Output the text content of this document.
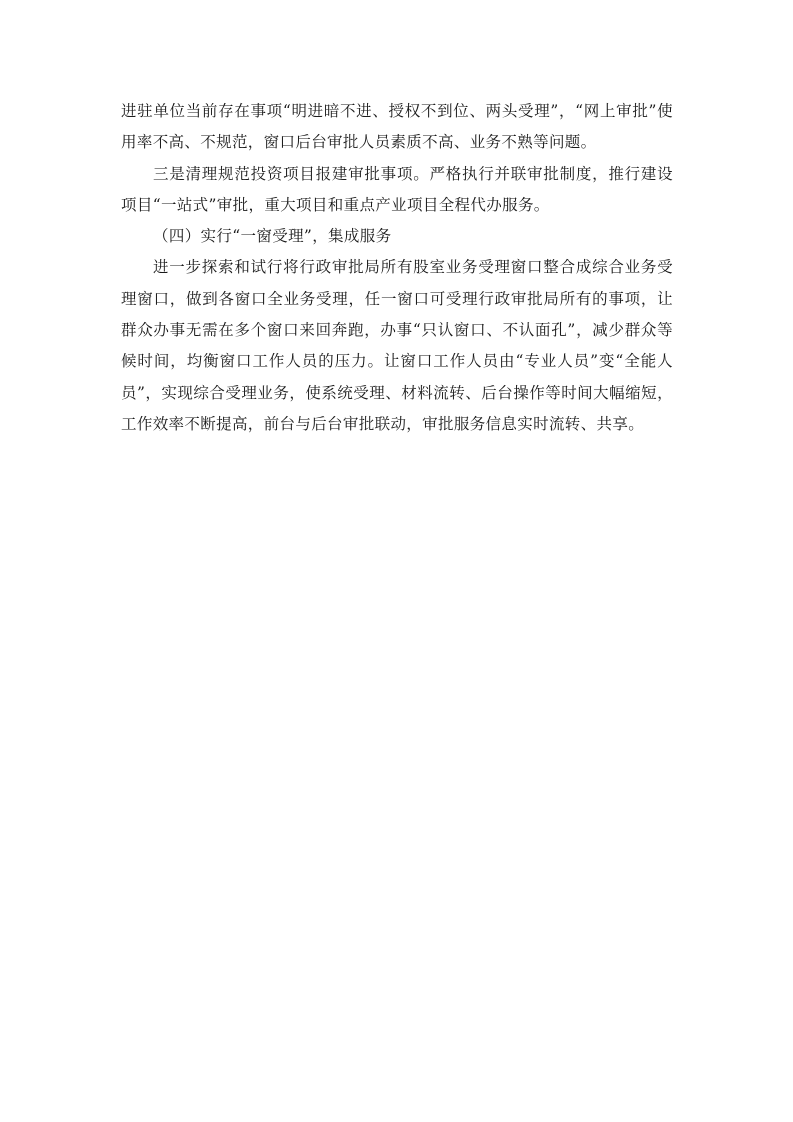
进驻单位当前存在事项“明进暗不进、授权不到位、两头受理”，“网上审批”使用率不高、不规范，窗口后台审批人员素质不高、业务不熟等问题。

三是清理规范投资项目报建审批事项。严格执行并联审批制度，推行建设项目“一站式”审批，重大项目和重点产业项目全程代办服务。

（四）实行“一窗受理”，集成服务

进一步探索和试行将行政审批局所有股室业务受理窗口整合成综合业务受理窗口，做到各窗口全业务受理，任一窗口可受理行政审批局所有的事项，让群众办事无需在多个窗口来回奔跑，办事“只认窗口、不认面孔”，减少群众等候时间，均衡窗口工作人员的压力。让窗口工作人员由“专业人员”变“全能人员”，实现综合受理业务，使系统受理、材料流转、后台操作等时间大幅缩短，工作效率不断提高，前台与后台审批联动，审批服务信息实时流转、共享。
